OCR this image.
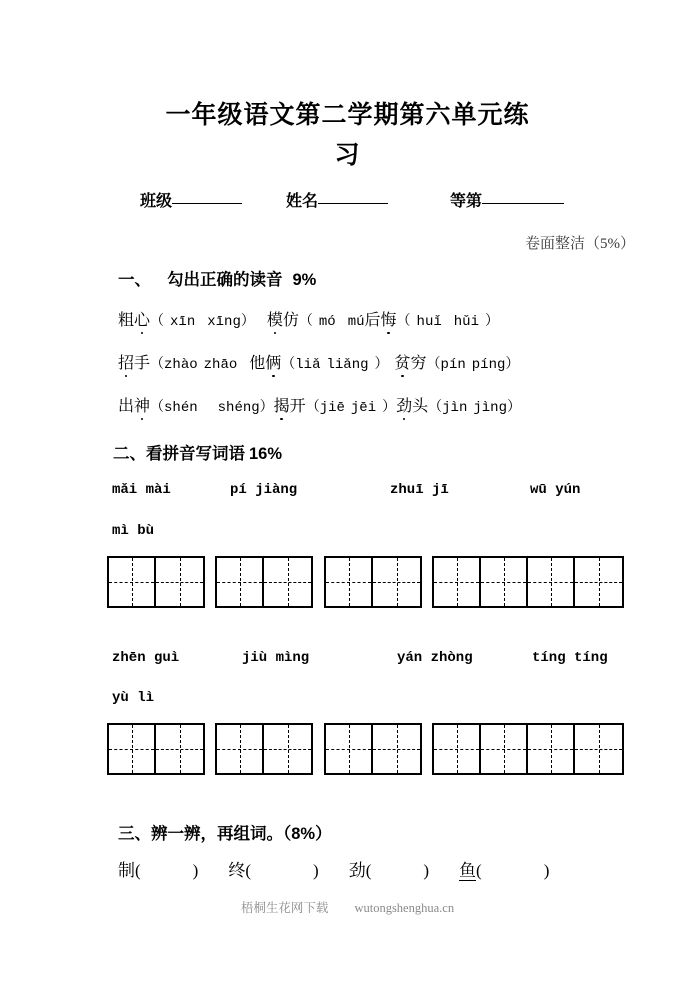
一年级语文第二学期第六单元练
习
班级	姓名	等第
卷面整洁（5%）
一、 勾出正确的读音 9%
粗心（ xīn xīng） 模仿（ mó mú后悔（ huǐ hǔi ）
招手（zhào zhāo 他俩（liǎ liǎng ） 贫穷（pín píng）
出神（shén shéng）揭开（jiē jēi ）劲头（jìn jìng）
二、看拼音写词语 16%
mǎi mài	pí jiàng	zhuī jī	wū yún
mì bù
zhēn guì	jiù mìng	yán zhòng	tíng tíng
yù lì
三、辨一辨，再组词。（8%）
制(	) 终(	) 劲(	) 鱼(	)
梧桐生花网下载 wutongshenghua.cn
